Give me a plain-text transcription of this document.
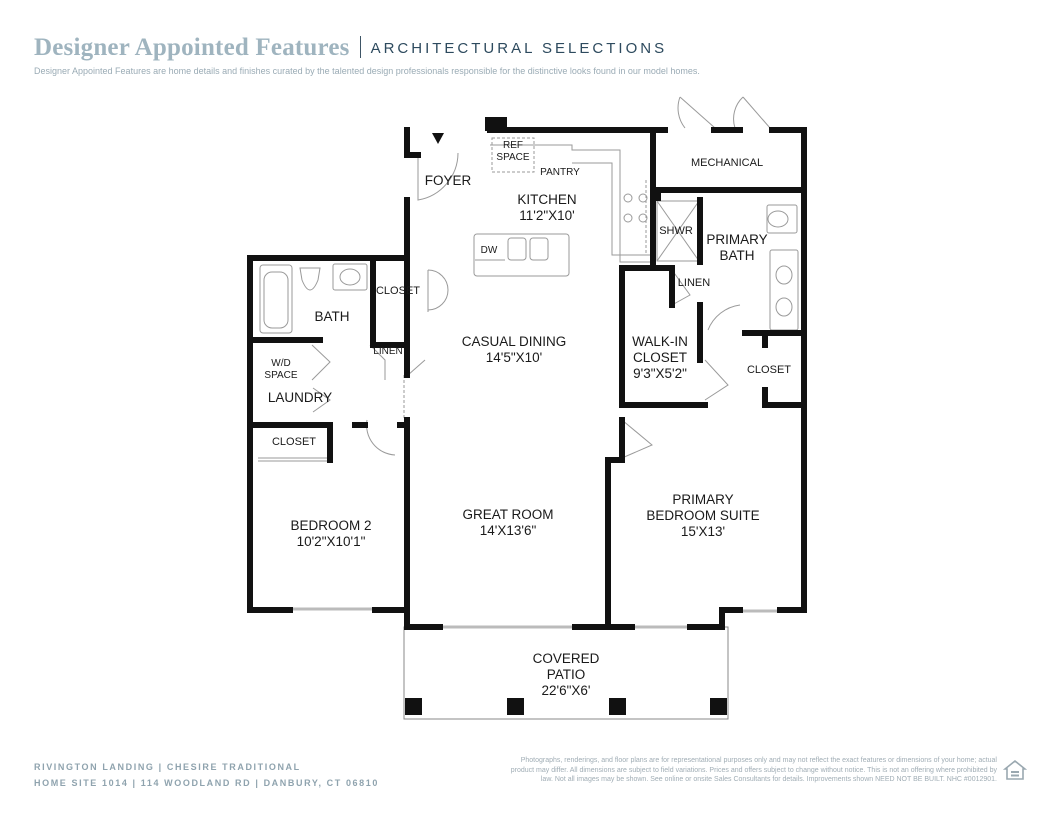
Designer Appointed Features ARCHITECTURAL SELECTIONS
Designer Appointed Features are home details and finishes curated by the talented design professionals responsible for the distinctive looks found in our model homes.
FOYER
REF
SPACE
PANTRY
KITCHEN
11'2"X10'
DW
MECHANICAL
SHWR
PRIMARY
BATH
LINEN
CLOSET
BATH
LINEN
W/D
SPACE
LAUNDRY
CASUAL DINING
14'5"X10'
WALK-IN
CLOSET
9'3"X5'2"	CLOSET
CLOSET
BEDROOM 2
10'2"X10'1"
GREAT ROOM
14'X13'6"
PRIMARY
BEDROOM SUITE
15'X13'
COVERED
PATIO
22'6"X6'
RIVINGTON LANDING | CHESIRE TRADITIONAL
HOME SITE 1014 | 114 WOODLAND RD | DANBURY, CT 06810
Photographs, renderings, and floor plans are for representational purposes only and may not reflect the exact features or dimensions of your home; actual product may differ. All dimensions are subject to field variations. Prices and offers subject to change without notice. This is not an offering where prohibited by law. Not all images may be shown. See online or onsite Sales Consultants for details. Improvements shown NEED NOT BE BUILT. NHC #0012901.
